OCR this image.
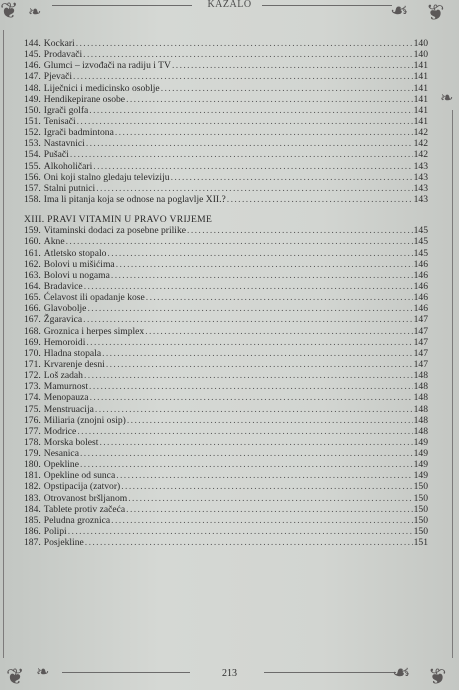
KAZALO
❦ ❧	❧ ❦
❧
144. Kockari .....	140
145. Prodavači .....	140
146. Glumci – izvođači na radiju i TV .....	141
147. Pjevači .....	141
148. Liječnici i medicinsko osoblje .....	141
149. Hendikepirane osobe .....	141
150. Igrači golfa .....	141
151. Tenisači .....	141
152. Igrači badmintona .....	142
153. Nastavnici .....	142
154. Pušači .....	142
155. Alkoholičari .....	143
156. Oni koji stalno gledaju televiziju .....	143
157. Stalni putnici .....	143
158. Ima li pitanja koja se odnose na poglavlje XII.? .....	143
XIII. PRAVI VITAMIN U PRAVO VRIJEME
159. Vitaminski dodaci za posebne prilike .....	145
160. Akne .....	145
161. Atletsko stopalo .....	145
162. Bolovi u mišićima .....	146
163. Bolovi u nogama .....	146
164. Bradavice .....	146
165. Ćelavost ili opadanje kose .....	146
166. Glavobolje .....	146
167. Žgaravica .....	147
168. Groznica i herpes simplex .....	147
169. Hemoroidi .....	147
170. Hladna stopala .....	147
171. Krvarenje desni .....	147
172. Loš zadah .....	148
173. Mamurnost .....	148
174. Menopauza .....	148
175. Menstruacija .....	148
176. Miliaria (znojni osip) .....	148
177. Modrice .....	148
178. Morska bolest .....	149
179. Nesanica .....	149
180. Opekline .....	149
181. Opekline od sunca .....	149
182. Opstipacija (zatvor) .....	150
183. Otrovanost bršljanom .....	150
184. Tablete protiv začeća .....	150
185. Peludna groznica .....	150
186. Polipi .....	150
187. Posjekline .....	151
213
❦ ❧	❧ ❦
